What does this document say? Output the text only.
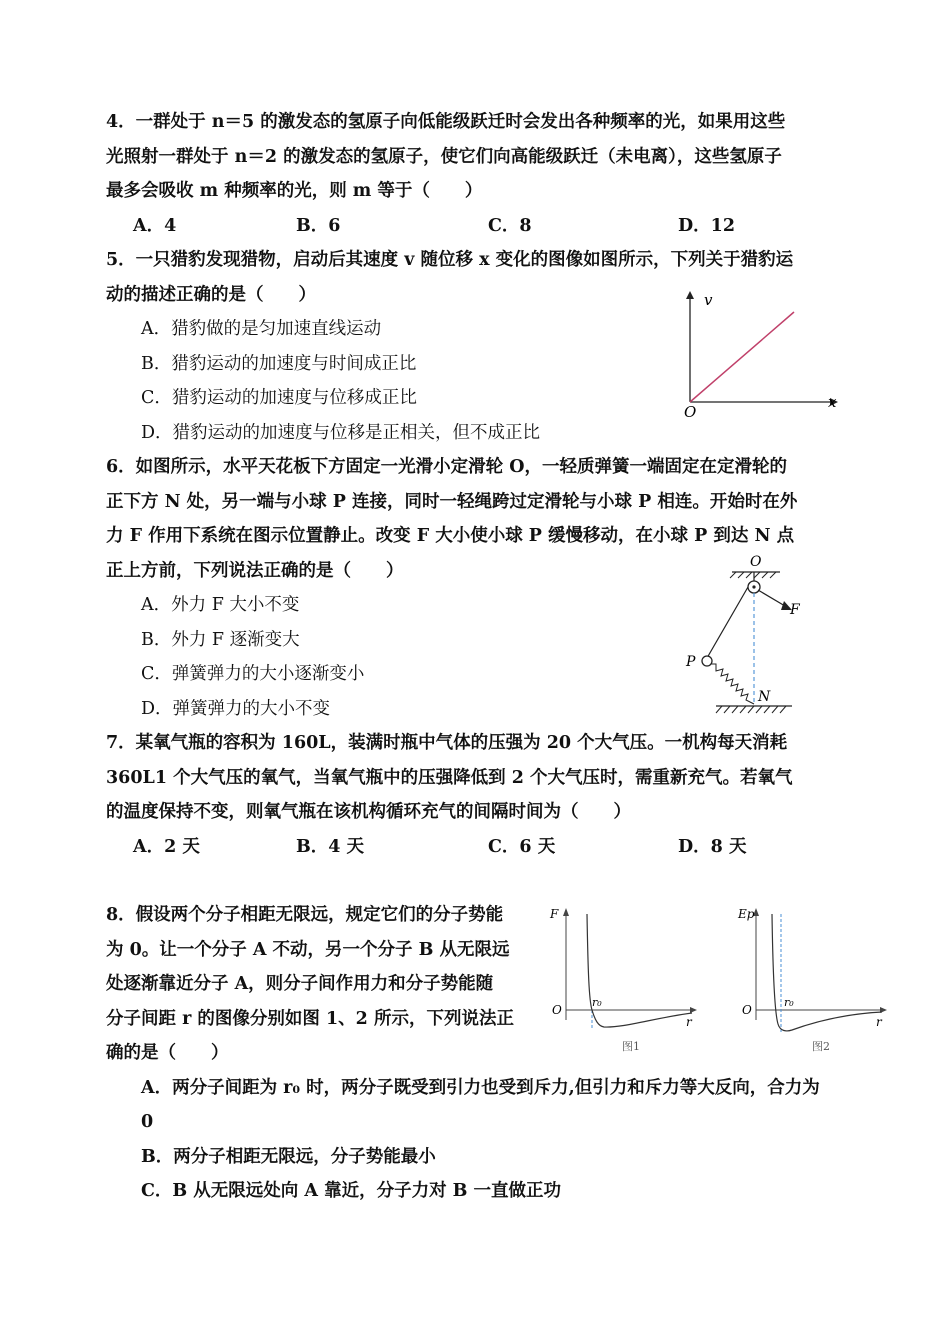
4．一群处于 n＝5 的激发态的氢原子向低能级跃迁时会发出各种频率的光，如果用这些
光照射一群处于 n＝2 的激发态的氢原子，使它们向高能级跃迁（未电离），这些氢原子
最多会吸收 m 种频率的光，则 m 等于（　　）
A．4	B．6	C．8	D．12
5．一只猎豹发现猎物，启动后其速度 v 随位移 x 变化的图像如图所示，下列关于猎豹运
动的描述正确的是（　　）
A．猎豹做的是匀加速直线运动
B．猎豹运动的加速度与时间成正比
C．猎豹运动的加速度与位移成正比
D．猎豹运动的加速度与位移是正相关，但不成正比
v
x
O
6．如图所示，水平天花板下方固定一光滑小定滑轮 O，一轻质弹簧一端固定在定滑轮的
正下方 N 处，另一端与小球 P 连接，同时一轻绳跨过定滑轮与小球 P 相连。开始时在外
力 F 作用下系统在图示位置静止。改变 F 大小使小球 P 缓慢移动，在小球 P 到达 N 点
正上方前，下列说法正确的是（　　）
A．外力 F 大小不变
B．外力 F 逐渐变大
C．弹簧弹力的大小逐渐变小
D．弹簧弹力的大小不变
O
F
P
N
7．某氧气瓶的容积为 160L，装满时瓶中气体的压强为 20 个大气压。一机构每天消耗
360L1 个大气压的氧气，当氧气瓶中的压强降低到 2 个大气压时，需重新充气。若氧气
的温度保持不变，则氧气瓶在该机构循环充气的间隔时间为（　　）
A．2 天	B．4 天	C．6 天	D．8 天
8．假设两个分子相距无限远，规定它们的分子势能
为 0。让一个分子 A 不动，另一个分子 B 从无限远
处逐渐靠近分子 A，则分子间作用力和分子势能随
分子间距 r 的图像分别如图 1、2 所示，下列说法正
确的是（　　）
A．两分子间距为 r₀ 时，两分子既受到引力也受到斥力,但引力和斥力等大反向，合力为
0
B．两分子相距无限远，分子势能最小
C．B 从无限远处向 A 靠近，分子力对 B 一直做正功
F
O
r₀
r
图1
Ep
O
r₀
r
图2
